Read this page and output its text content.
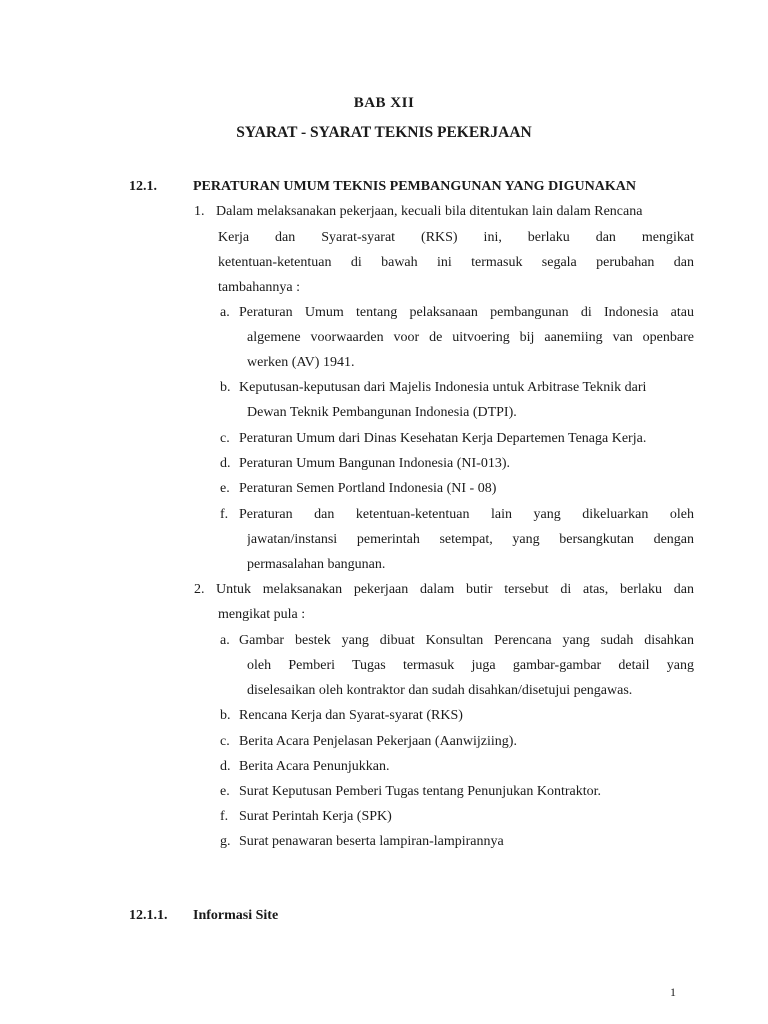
BAB XII
SYARAT - SYARAT TEKNIS PEKERJAAN
12.1.	PERATURAN UMUM TEKNIS PEMBANGUNAN YANG DIGUNAKAN
1. Dalam melaksanakan pekerjaan, kecuali bila ditentukan lain dalam Rencana
Kerja dan Syarat-syarat (RKS) ini, berlaku dan mengikat
ketentuan-ketentuan di bawah ini termasuk segala perubahan dan
tambahannya :
a. Peraturan Umum tentang pelaksanaan pembangunan di Indonesia atau
algemene voorwaarden voor de uitvoering bij aanemiing van openbare
werken (AV) 1941.
b. Keputusan-keputusan dari Majelis Indonesia untuk Arbitrase Teknik dari
Dewan Teknik Pembangunan Indonesia (DTPI).
c. Peraturan Umum dari Dinas Kesehatan Kerja Departemen Tenaga Kerja.
d. Peraturan Umum Bangunan Indonesia (NI-013).
e. Peraturan Semen Portland Indonesia (NI - 08)
f. Peraturan dan ketentuan-ketentuan lain yang dikeluarkan oleh
jawatan/instansi pemerintah setempat, yang bersangkutan dengan
permasalahan bangunan.
2. Untuk melaksanakan pekerjaan dalam butir tersebut di atas, berlaku dan
mengikat pula :
a. Gambar bestek yang dibuat Konsultan Perencana yang sudah disahkan
oleh Pemberi Tugas termasuk juga gambar-gambar detail yang
diselesaikan oleh kontraktor dan sudah disahkan/disetujui pengawas.
b. Rencana Kerja dan Syarat-syarat (RKS)
c. Berita Acara Penjelasan Pekerjaan (Aanwijziing).
d. Berita Acara Penunjukkan.
e. Surat Keputusan Pemberi Tugas tentang Penunjukan Kontraktor.
f. Surat Perintah Kerja (SPK)
g. Surat penawaran beserta lampiran-lampirannya
12.1.1. Informasi Site
1
